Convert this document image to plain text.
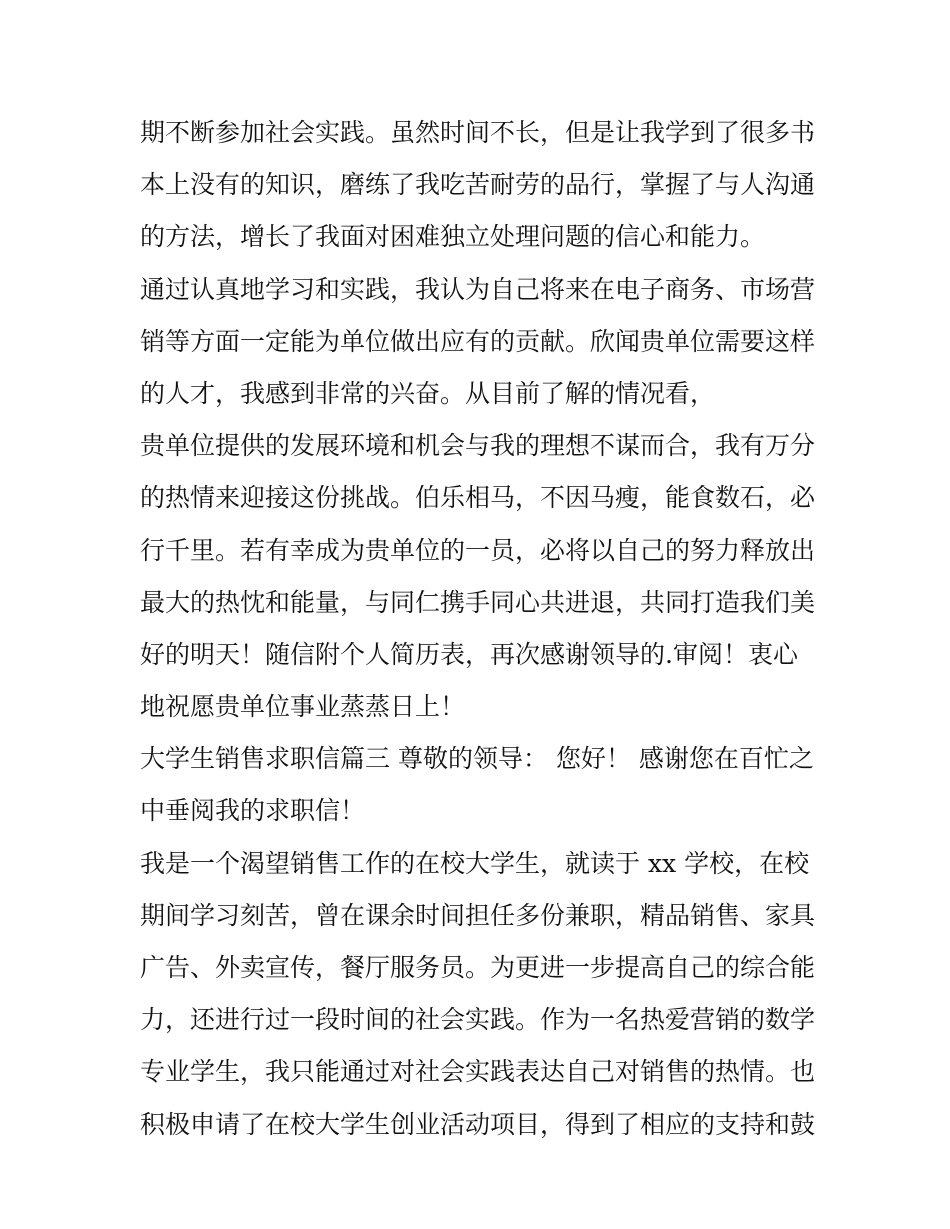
期不断参加社会实践。虽然时间不长，但是让我学到了很多书
本上没有的知识，磨练了我吃苦耐劳的品行，掌握了与人沟通
的方法，增长了我面对困难独立处理问题的信心和能力。
通过认真地学习和实践，我认为自己将来在电子商务、市场营
销等方面一定能为单位做出应有的贡献。欣闻贵单位需要这样
的人才，我感到非常的兴奋。从目前了解的情况看，
贵单位提供的发展环境和机会与我的理想不谋而合，我有万分
的热情来迎接这份挑战。伯乐相马，不因马瘦，能食数石，必
行千里。若有幸成为贵单位的一员，必将以自己的努力释放出
最大的热忱和能量，与同仁携手同心共进退，共同打造我们美
好的明天！随信附个人简历表，再次感谢领导的.审阅！衷心
地祝愿贵单位事业蒸蒸日上！
大学生销售求职信篇三 尊敬的领导： 您好！ 感谢您在百忙之
中垂阅我的求职信！
我是一个渴望销售工作的在校大学生，就读于 xx 学校，在校
期间学习刻苦，曾在课余时间担任多份兼职，精品销售、家具
广告、外卖宣传，餐厅服务员。为更进一步提高自己的综合能
力，还进行过一段时间的社会实践。作为一名热爱营销的数学
专业学生，我只能通过对社会实践表达自己对销售的热情。也
积极申请了在校大学生创业活动项目，得到了相应的支持和鼓
